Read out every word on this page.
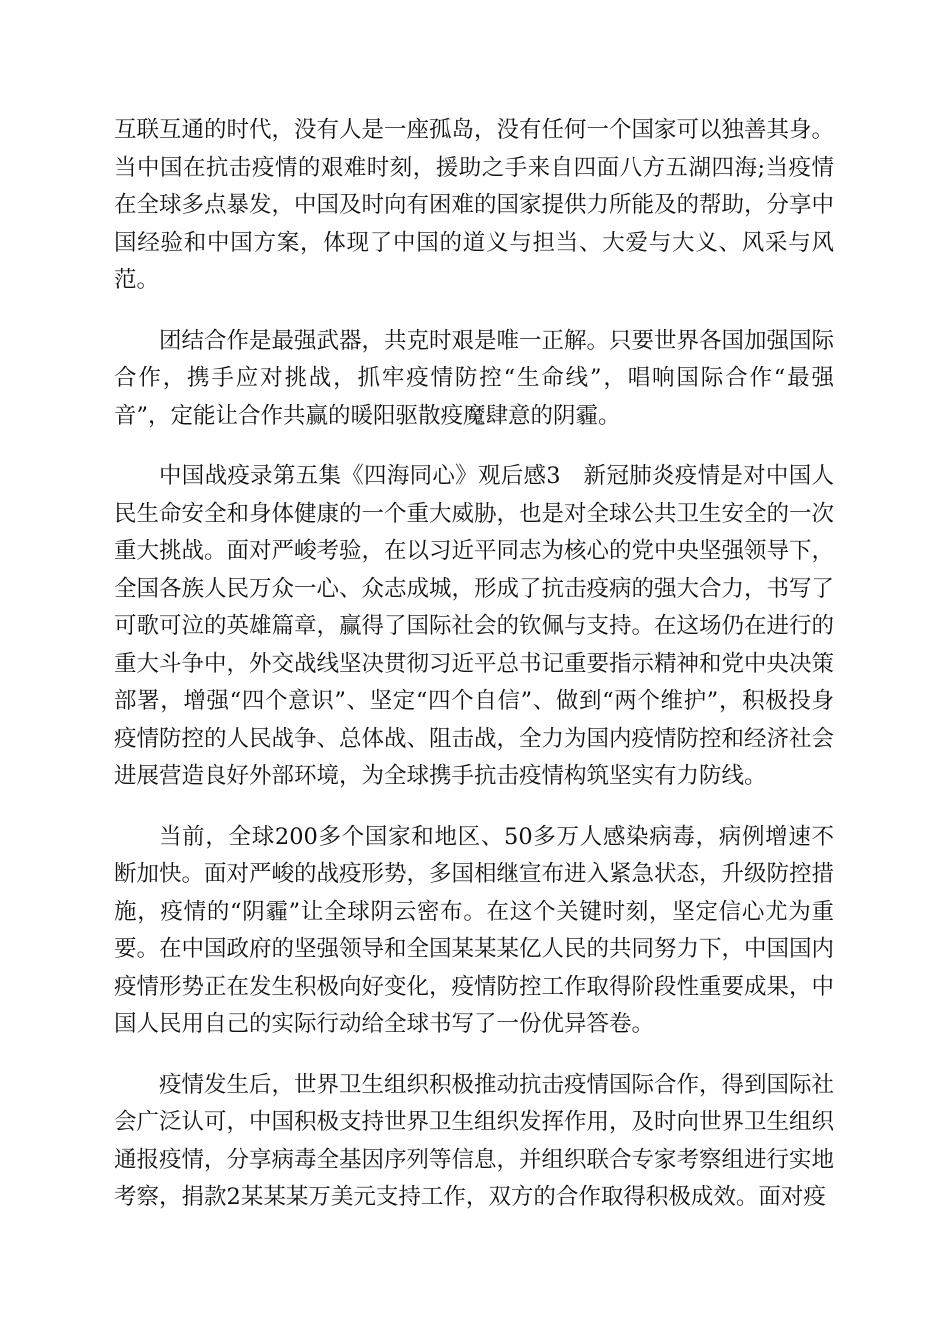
互联互通的时代，没有人是一座孤岛，没有任何一个国家可以独善其身。当中国在抗击疫情的艰难时刻，援助之手来自四面八方五湖四海;当疫情在全球多点暴发，中国及时向有困难的国家提供力所能及的帮助，分享中国经验和中国方案，体现了中国的道义与担当、大爱与大义、风采与风范。

团结合作是最强武器，共克时艰是唯一正解。只要世界各国加强国际合作，携手应对挑战，抓牢疫情防控“生命线”，唱响国际合作“最强音”，定能让合作共赢的暖阳驱散疫魔肆意的阴霾。

中国战疫录第五集《四海同心》观后感3　新冠肺炎疫情是对中国人民生命安全和身体健康的一个重大威胁，也是对全球公共卫生安全的一次重大挑战。面对严峻考验，在以习近平同志为核心的党中央坚强领导下，全国各族人民万众一心、众志成城，形成了抗击疫病的强大合力，书写了可歌可泣的英雄篇章，赢得了国际社会的钦佩与支持。在这场仍在进行的重大斗争中，外交战线坚决贯彻习近平总书记重要指示精神和党中央决策部署，增强“四个意识”、坚定“四个自信”、做到“两个维护”，积极投身疫情防控的人民战争、总体战、阻击战，全力为国内疫情防控和经济社会进展营造良好外部环境，为全球携手抗击疫情构筑坚实有力防线。

当前，全球200多个国家和地区、50多万人感染病毒，病例增速不断加快。面对严峻的战疫形势，多国相继宣布进入紧急状态，升级防控措施，疫情的“阴霾”让全球阴云密布。在这个关键时刻，坚定信心尤为重要。在中国政府的坚强领导和全国某某某亿人民的共同努力下，中国国内疫情形势正在发生积极向好变化，疫情防控工作取得阶段性重要成果，中国人民用自己的实际行动给全球书写了一份优异答卷。

疫情发生后，世界卫生组织积极推动抗击疫情国际合作，得到国际社会广泛认可，中国积极支持世界卫生组织发挥作用，及时向世界卫生组织通报疫情，分享病毒全基因序列等信息，并组织联合专家考察组进行实地考察，捐款2某某某万美元支持工作，双方的合作取得积极成效。面对疫
